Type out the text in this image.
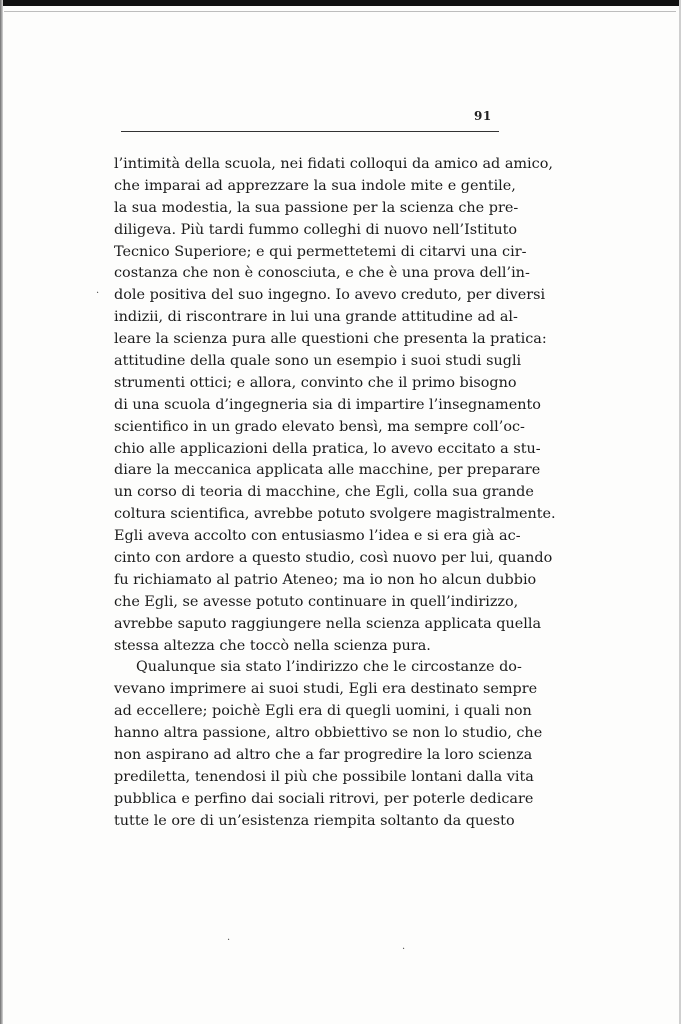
91
l’intimità della scuola, nei fidati colloqui da amico ad amico,
che imparai ad apprezzare la sua indole mite e gentile,
la sua modestia, la sua passione per la scienza che pre-
diligeva. Più tardi fummo colleghi di nuovo nell’Istituto
Tecnico Superiore; e qui permettetemi di citarvi una cir-
costanza che non è conosciuta, e che è una prova dell’in-
dole positiva del suo ingegno. Io avevo creduto, per diversi
indizii, di riscontrare in lui una grande attitudine ad al-
leare la scienza pura alle questioni che presenta la pratica:
attitudine della quale sono un esempio i suoi studi sugli
strumenti ottici; e allora, convinto che il primo bisogno
di una scuola d’ingegneria sia di impartire l’insegnamento
scientifico in un grado elevato bensì, ma sempre coll’oc-
chio alle applicazioni della pratica, lo avevo eccitato a stu-
diare la meccanica applicata alle macchine, per preparare
un corso di teoria di macchine, che Egli, colla sua grande
coltura scientifica, avrebbe potuto svolgere magistralmente.
Egli aveva accolto con entusiasmo l’idea e si era già ac-
cinto con ardore a questo studio, così nuovo per lui, quando
fu richiamato al patrio Ateneo; ma io non ho alcun dubbio
che Egli, se avesse potuto continuare in quell’indirizzo,
avrebbe saputo raggiungere nella scienza applicata quella
stessa altezza che toccò nella scienza pura.
Qualunque sia stato l’indirizzo che le circostanze do-
vevano imprimere ai suoi studi, Egli era destinato sempre
ad eccellere; poichè Egli era di quegli uomini, i quali non
hanno altra passione, altro obbiettivo se non lo studio, che
non aspirano ad altro che a far progredire la loro scienza
prediletta, tenendosi il più che possibile lontani dalla vita
pubblica e perfino dai sociali ritrovi, per poterle dedicare
tutte le ore di un’esistenza riempita soltanto da questo
·
·
·
